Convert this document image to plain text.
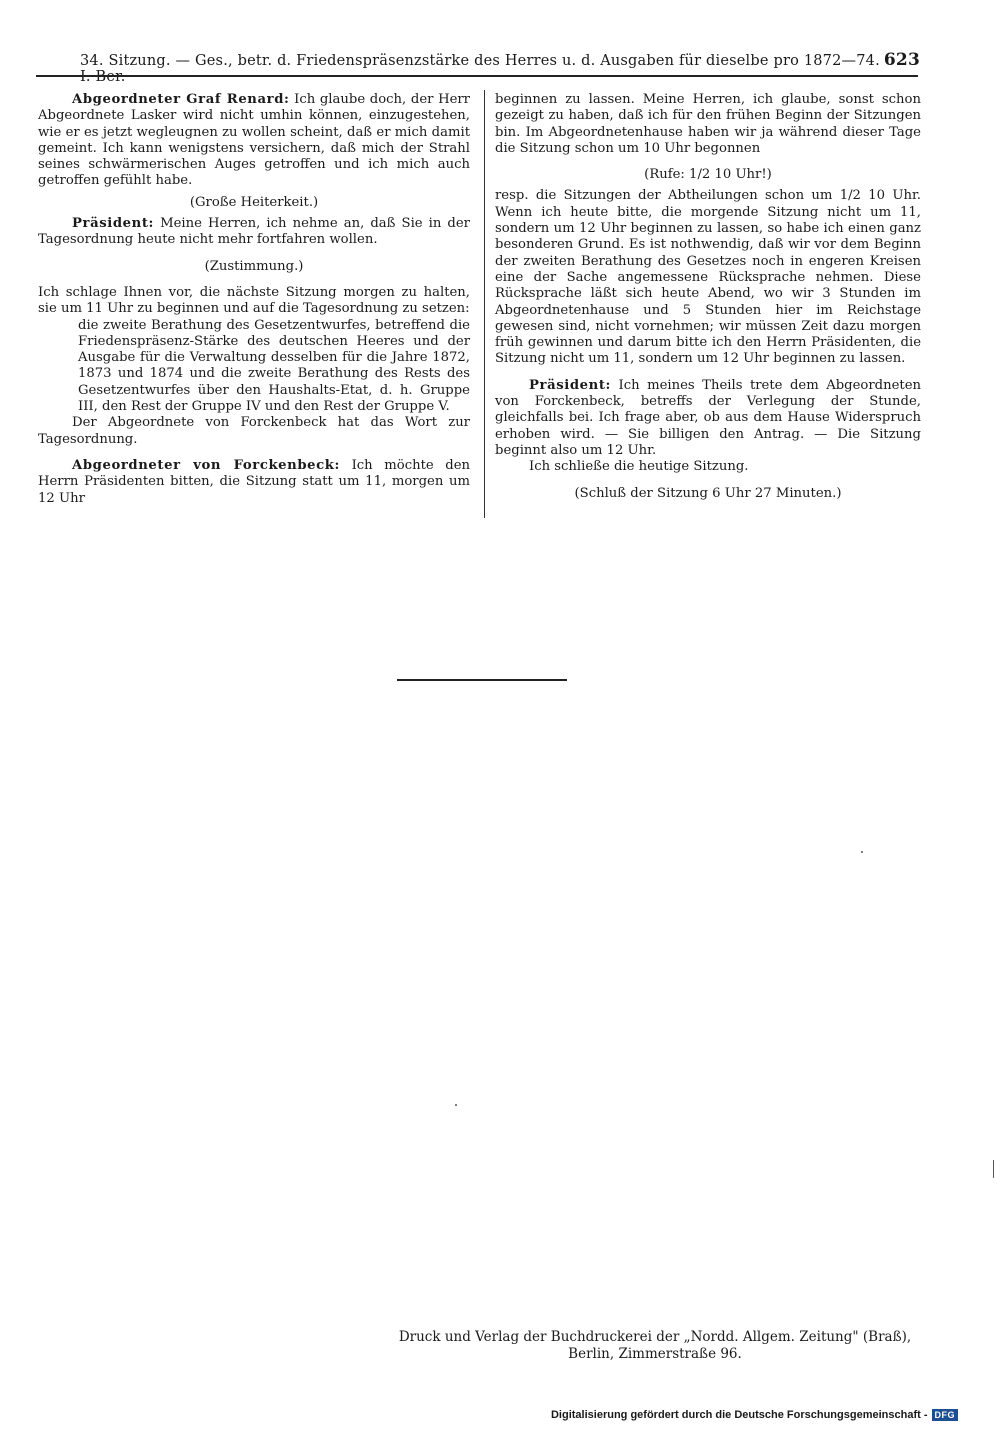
34. Sitzung. — Ges., betr. d. Friedenspräsenzstärke des Herres u. d. Ausgaben für dieselbe pro 1872—74. I. Ber.
623

Abgeordneter Graf Renard: Ich glaube doch, der Herr Abgeordnete Lasker wird nicht umhin können, einzugestehen, wie er es jetzt wegleugnen zu wollen scheint, daß er mich damit gemeint. Ich kann wenigstens versichern, daß mich der Strahl seines schwärmerischen Auges getroffen und ich mich auch getroffen gefühlt habe.

(Große Heiterkeit.)

Präsident: Meine Herren, ich nehme an, daß Sie in der Tagesordnung heute nicht mehr fortfahren wollen.

(Zustimmung.)

Ich schlage Ihnen vor, die nächste Sitzung morgen zu halten, sie um 11 Uhr zu beginnen und auf die Tagesordnung zu setzen:

die zweite Berathung des Gesetzentwurfes, betreffend die Friedenspräsenz-Stärke des deutschen Heeres und der Ausgabe für die Verwaltung desselben für die Jahre 1872, 1873 und 1874 und die zweite Berathung des Rests des Gesetzentwurfes über den Haushalts-Etat, d. h. Gruppe III, den Rest der Gruppe IV und den Rest der Gruppe V.

Der Abgeordnete von Forckenbeck hat das Wort zur Tagesordnung.

Abgeordneter von Forckenbeck: Ich möchte den Herrn Präsidenten bitten, die Sitzung statt um 11, morgen um 12 Uhr

beginnen zu lassen. Meine Herren, ich glaube, sonst schon gezeigt zu haben, daß ich für den frühen Beginn der Sitzungen bin. Im Abgeordnetenhause haben wir ja während dieser Tage die Sitzung schon um 10 Uhr begonnen

(Rufe: 1/2 10 Uhr!)

resp. die Sitzungen der Abtheilungen schon um 1/2 10 Uhr. Wenn ich heute bitte, die morgende Sitzung nicht um 11, sondern um 12 Uhr beginnen zu lassen, so habe ich einen ganz besonderen Grund. Es ist nothwendig, daß wir vor dem Beginn der zweiten Berathung des Gesetzes noch in engeren Kreisen eine der Sache angemessene Rücksprache nehmen. Diese Rücksprache läßt sich heute Abend, wo wir 3 Stunden im Abgeordnetenhause und 5 Stunden hier im Reichstage gewesen sind, nicht vornehmen; wir müssen Zeit dazu morgen früh gewinnen und darum bitte ich den Herrn Präsidenten, die Sitzung nicht um 11, sondern um 12 Uhr beginnen zu lassen.

Präsident: Ich meines Theils trete dem Abgeordneten von Forckenbeck, betreffs der Verlegung der Stunde, gleichfalls bei. Ich frage aber, ob aus dem Hause Widerspruch erhoben wird. — Sie billigen den Antrag. — Die Sitzung beginnt also um 12 Uhr.

Ich schließe die heutige Sitzung.

(Schluß der Sitzung 6 Uhr 27 Minuten.)

Druck und Verlag der Buchdruckerei der „Nordd. Allgem. Zeitung" (Braß),
Berlin, Zimmerstraße 96.
Digitalisierung gefördert durch die Deutsche Forschungsgemeinschaft - DFG
